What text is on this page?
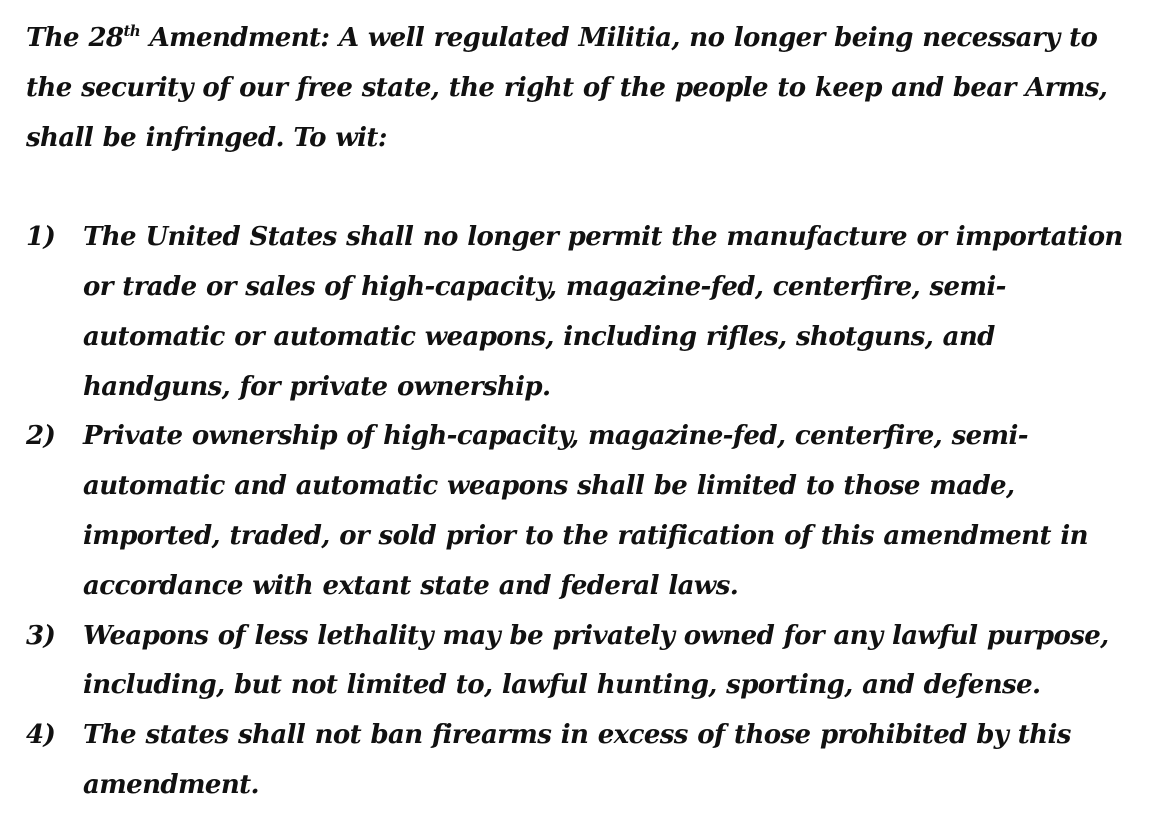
The 28th Amendment: A well regulated Militia, no longer being necessary to the security of our free state, the right of the people to keep and bear Arms, shall be infringed. To wit:

1) The United States shall no longer permit the manufacture or importation or trade or sales of high-capacity, magazine-fed, centerfire, semi-automatic or automatic weapons, including rifles, shotguns, and handguns, for private ownership.
2) Private ownership of high-capacity, magazine-fed, centerfire, semi-automatic and automatic weapons shall be limited to those made, imported, traded, or sold prior to the ratification of this amendment in accordance with extant state and federal laws.
3) Weapons of less lethality may be privately owned for any lawful purpose, including, but not limited to, lawful hunting, sporting, and defense.
4) The states shall not ban firearms in excess of those prohibited by this amendment.
